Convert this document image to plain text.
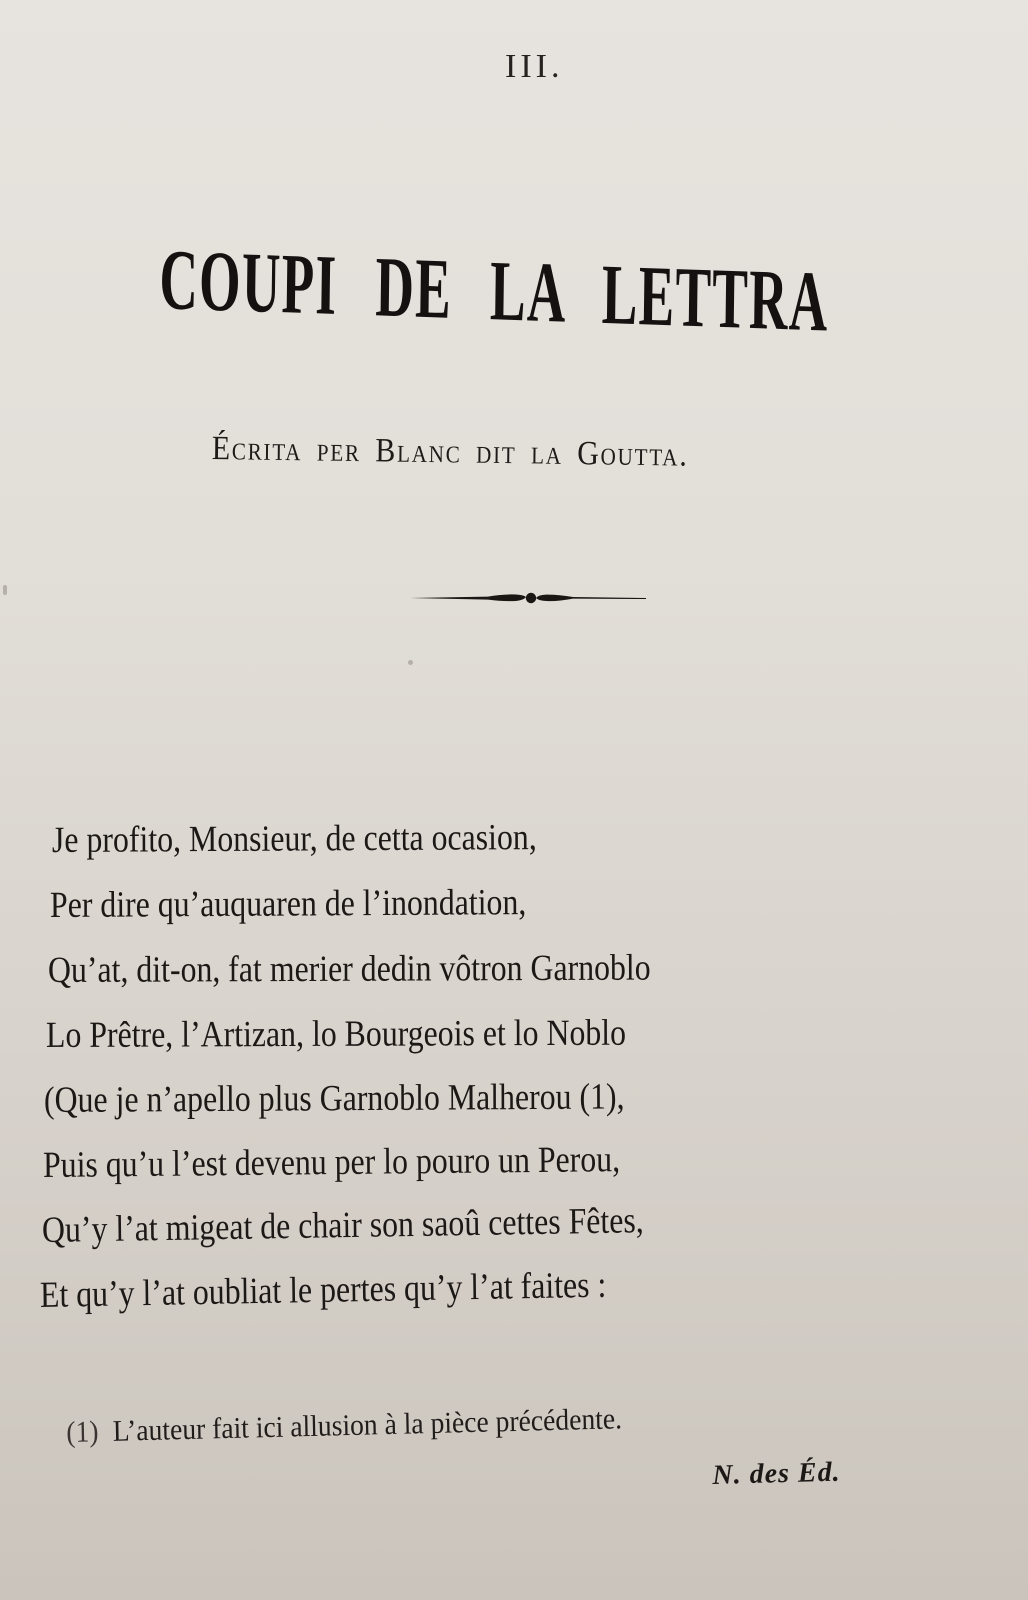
III.
COUPI DE LA LETTRA
Écrita per Blanc dit la Goutta.
Je profito, Monsieur, de cetta ocasion,
Per dire qu’auquaren de l’inondation,
Qu’at, dit-on, fat merier dedin vôtron Garnoblo
Lo Prêtre, l’Artizan, lo Bourgeois et lo Noblo
(Que je n’apello plus Garnoblo Malherou (1),
Puis qu’u l’est devenu per lo pouro un Perou,
Qu’y l’at migeat de chair son saoû cettes Fêtes,
Et qu’y l’at oubliat le pertes qu’y l’at faites :
(1) L’auteur fait ici allusion à la pièce précédente.
N. des Éd.
